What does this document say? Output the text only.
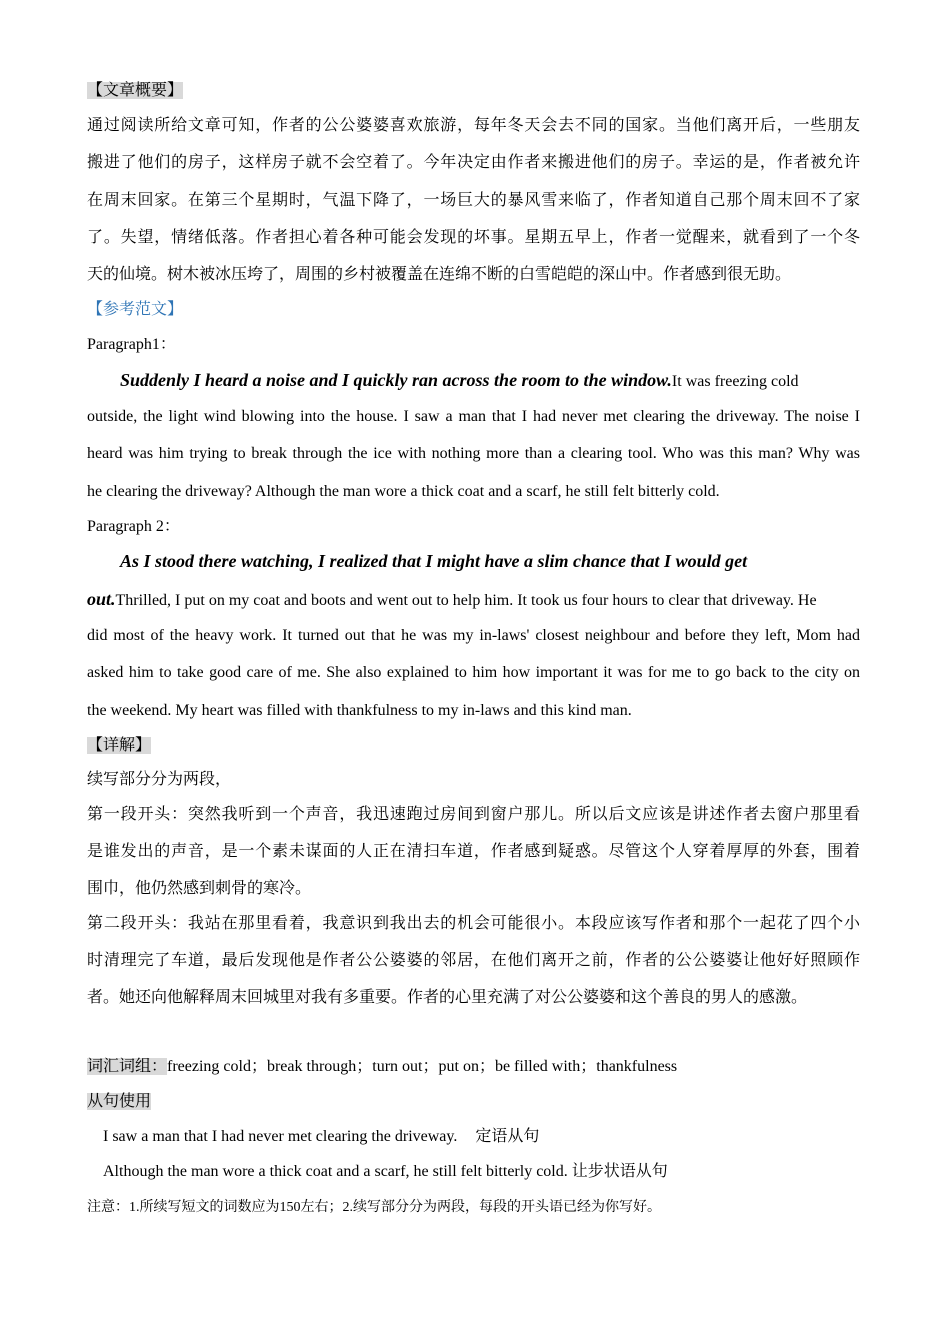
【文章概要】
通过阅读所给文章可知，作者的公公婆婆喜欢旅游，每年冬天会去不同的国家。当他们离开后，一些朋友
搬进了他们的房子，这样房子就不会空着了。今年决定由作者来搬进他们的房子。幸运的是，作者被允许
在周末回家。在第三个星期时，气温下降了，一场巨大的暴风雪来临了，作者知道自己那个周末回不了家
了。失望，情绪低落。作者担心着各种可能会发现的坏事。星期五早上，作者一觉醒来，就看到了一个冬
天的仙境。树木被冰压垮了，周围的乡村被覆盖在连绵不断的白雪皑皑的深山中。作者感到很无助。
【参考范文】
Paragraph1：
Suddenly I heard a noise and I quickly ran across the room to the window.It was freezing cold
outside, the light wind blowing into the house. I saw a man that I had never met clearing the driveway. The noise I
heard was him trying to break through the ice with nothing more than a clearing tool. Who was this man? Why was
he clearing the driveway? Although the man wore a thick coat and a scarf, he still felt bitterly cold.
Paragraph 2：
As I stood there watching, I realized that I might have a slim chance that I would get
out.Thrilled, I put on my coat and boots and went out to help him. It took us four hours to clear that driveway. He
did most of the heavy work. It turned out that he was my in-laws' closest neighbour and before they left, Mom had
asked him to take good care of me. She also explained to him how important it was for me to go back to the city on
the weekend. My heart was filled with thankfulness to my in-laws and this kind man.
【详解】
续写部分分为两段，
第一段开头：突然我听到一个声音，我迅速跑过房间到窗户那儿。所以后文应该是讲述作者去窗户那里看
是谁发出的声音，是一个素未谋面的人正在清扫车道，作者感到疑惑。尽管这个人穿着厚厚的外套，围着
围巾，他仍然感到刺骨的寒冷。
第二段开头：我站在那里看着，我意识到我出去的机会可能很小。本段应该写作者和那个一起花了四个小
时清理完了车道，最后发现他是作者公公婆婆的邻居，在他们离开之前，作者的公公婆婆让他好好照顾作
者。她还向他解释周末回城里对我有多重要。作者的心里充满了对公公婆婆和这个善良的男人的感激。
词汇词组：freezing cold；break through；turn out；put on；be filled with；thankfulness
从句使用
I saw a man that I had never met clearing the driveway. 定语从句
Although the man wore a thick coat and a scarf, he still felt bitterly cold. 让步状语从句
注意：1.所续写短文的词数应为150左右；2.续写部分分为两段，每段的开头语已经为你写好。
